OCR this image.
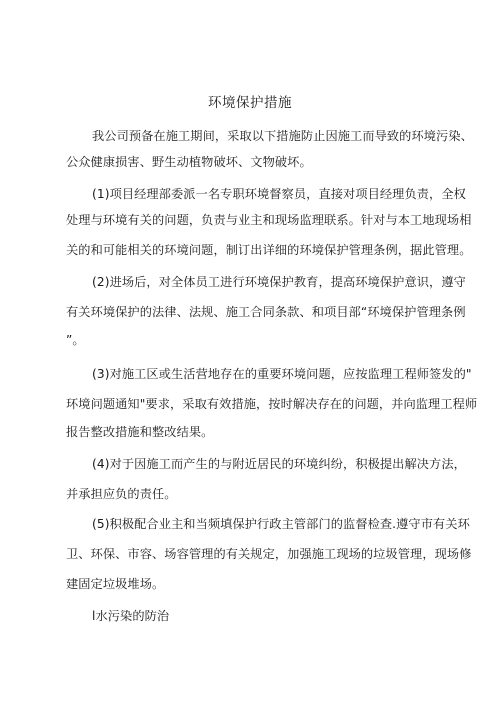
环境保护措施
我公司预备在施工期间，采取以下措施防止因施工而导致的环境污染、
公众健康损害、野生动植物破坏、文物破坏。
(1)项目经理部委派一名专职环境督察员，直接对项目经理负责，全权
处理与环境有关的问题，负责与业主和现场监理联系。针对与本工地现场相
关的和可能相关的环境问题，制订出详细的环境保护管理条例，据此管理。
(2)进场后，对全体员工进行环境保护教育，提高环境保护意识，遵守
有关环境保护的法律、法规、施工合同条款、和项目部“环境保护管理条例
”。
(3)对施工区或生活营地存在的重要环境问题，应按监理工程师签发的"
环境问题通知"要求，采取有效措施，按时解决存在的问题，并向监理工程师
报告整改措施和整改结果。
(4)对于因施工而产生的与附近居民的环境纠纷，积极提出解决方法，
并承担应负的责任。
(5)积极配合业主和当频填保护行政主管部门的监督检查.遵守市有关环
卫、环保、市容、场容管理的有关规定，加强施工现场的垃圾管理，现场修
建固定垃圾堆场。
l水污染的防治
